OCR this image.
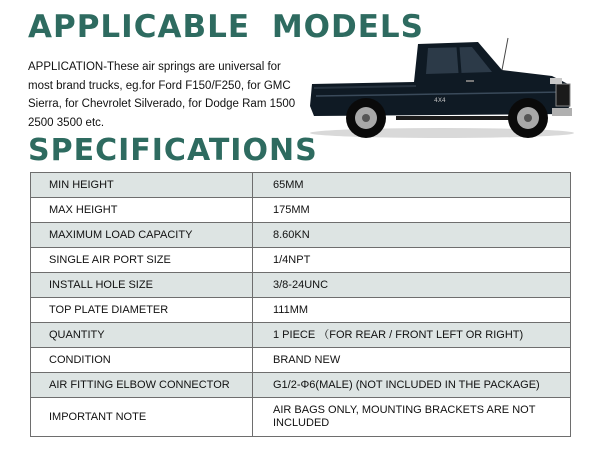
APPLICABLE MODELS

APPLICATION-These air springs are universal for most brand trucks, eg.for Ford F150/F250, for GMC Sierra, for Chevrolet Silverado, for Dodge Ram 1500 2500 3500 etc.

4X4
SPECIFICATIONS
MIN HEIGHT	65MM
MAX HEIGHT	175MM
MAXIMUM LOAD CAPACITY	8.60KN
SINGLE AIR PORT SIZE	1/4NPT
INSTALL HOLE SIZE	3/8-24UNC
TOP PLATE DIAMETER	111MM
QUANTITY	1 PIECE （FOR REAR / FRONT LEFT OR RIGHT)
CONDITION	BRAND NEW
AIR FITTING ELBOW CONNECTOR	G1/2-Φ6(MALE) (NOT INCLUDED IN THE PACKAGE)
IMPORTANT NOTE	AIR BAGS ONLY, MOUNTING BRACKETS ARE NOT INCLUDED
